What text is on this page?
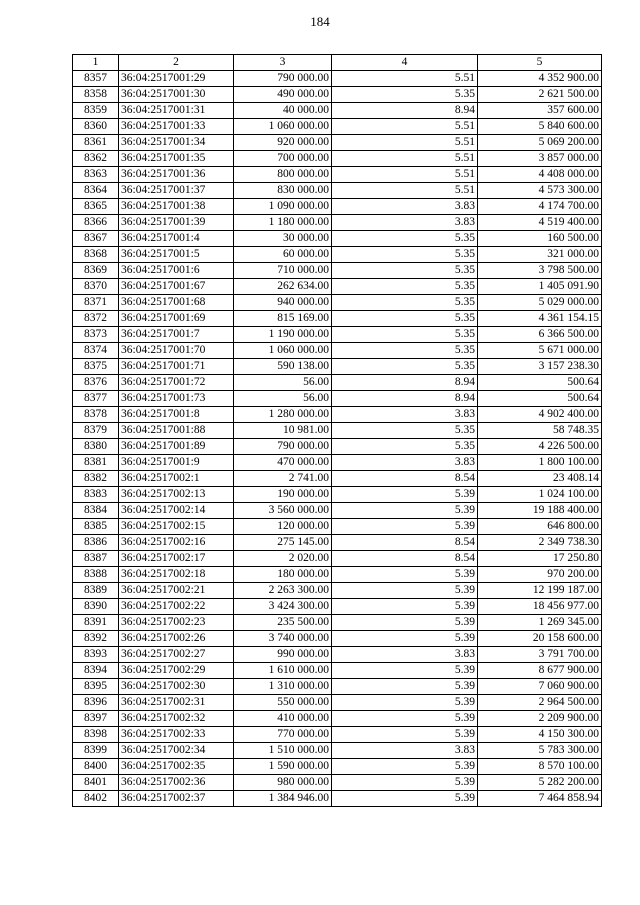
184
1	2	3	4	5
8357	36:04:2517001:29	790 000.00	5.51	4 352 900.00
8358	36:04:2517001:30	490 000.00	5.35	2 621 500.00
8359	36:04:2517001:31	40 000.00	8.94	357 600.00
8360	36:04:2517001:33	1 060 000.00	5.51	5 840 600.00
8361	36:04:2517001:34	920 000.00	5.51	5 069 200.00
8362	36:04:2517001:35	700 000.00	5.51	3 857 000.00
8363	36:04:2517001:36	800 000.00	5.51	4 408 000.00
8364	36:04:2517001:37	830 000.00	5.51	4 573 300.00
8365	36:04:2517001:38	1 090 000.00	3.83	4 174 700.00
8366	36:04:2517001:39	1 180 000.00	3.83	4 519 400.00
8367	36:04:2517001:4	30 000.00	5.35	160 500.00
8368	36:04:2517001:5	60 000.00	5.35	321 000.00
8369	36:04:2517001:6	710 000.00	5.35	3 798 500.00
8370	36:04:2517001:67	262 634.00	5.35	1 405 091.90
8371	36:04:2517001:68	940 000.00	5.35	5 029 000.00
8372	36:04:2517001:69	815 169.00	5.35	4 361 154.15
8373	36:04:2517001:7	1 190 000.00	5.35	6 366 500.00
8374	36:04:2517001:70	1 060 000.00	5.35	5 671 000.00
8375	36:04:2517001:71	590 138.00	5.35	3 157 238.30
8376	36:04:2517001:72	56.00	8.94	500.64
8377	36:04:2517001:73	56.00	8.94	500.64
8378	36:04:2517001:8	1 280 000.00	3.83	4 902 400.00
8379	36:04:2517001:88	10 981.00	5.35	58 748.35
8380	36:04:2517001:89	790 000.00	5.35	4 226 500.00
8381	36:04:2517001:9	470 000.00	3.83	1 800 100.00
8382	36:04:2517002:1	2 741.00	8.54	23 408.14
8383	36:04:2517002:13	190 000.00	5.39	1 024 100.00
8384	36:04:2517002:14	3 560 000.00	5.39	19 188 400.00
8385	36:04:2517002:15	120 000.00	5.39	646 800.00
8386	36:04:2517002:16	275 145.00	8.54	2 349 738.30
8387	36:04:2517002:17	2 020.00	8.54	17 250.80
8388	36:04:2517002:18	180 000.00	5.39	970 200.00
8389	36:04:2517002:21	2 263 300.00	5.39	12 199 187.00
8390	36:04:2517002:22	3 424 300.00	5.39	18 456 977.00
8391	36:04:2517002:23	235 500.00	5.39	1 269 345.00
8392	36:04:2517002:26	3 740 000.00	5.39	20 158 600.00
8393	36:04:2517002:27	990 000.00	3.83	3 791 700.00
8394	36:04:2517002:29	1 610 000.00	5.39	8 677 900.00
8395	36:04:2517002:30	1 310 000.00	5.39	7 060 900.00
8396	36:04:2517002:31	550 000.00	5.39	2 964 500.00
8397	36:04:2517002:32	410 000.00	5.39	2 209 900.00
8398	36:04:2517002:33	770 000.00	5.39	4 150 300.00
8399	36:04:2517002:34	1 510 000.00	3.83	5 783 300.00
8400	36:04:2517002:35	1 590 000.00	5.39	8 570 100.00
8401	36:04:2517002:36	980 000.00	5.39	5 282 200.00
8402	36:04:2517002:37	1 384 946.00	5.39	7 464 858.94
